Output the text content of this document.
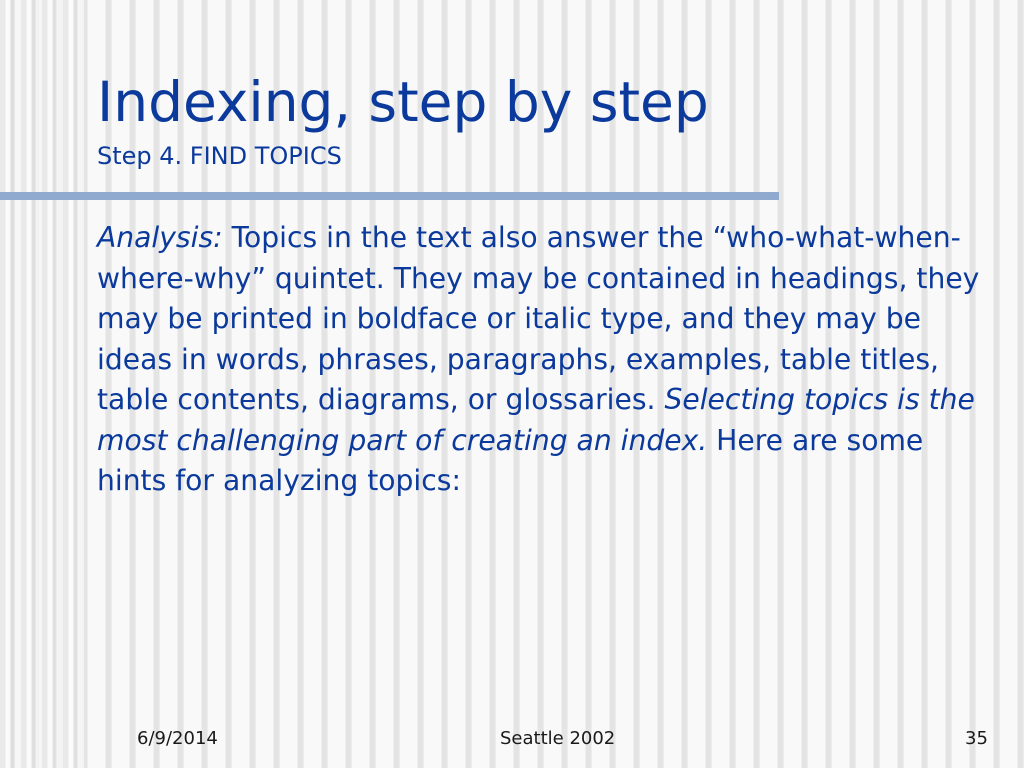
Indexing, step by step
Step 4. FIND TOPICS

Analysis: Topics in the text also answer the “who-what-when-where-why” quintet. They may be contained in headings, they may be printed in boldface or italic type, and they may be ideas in words, phrases, paragraphs, examples, table titles, table contents, diagrams, or glossaries. Selecting topics is the most challenging part of creating an index. Here are some hints for analyzing topics:

6/9/2014	Seattle 2002	35
